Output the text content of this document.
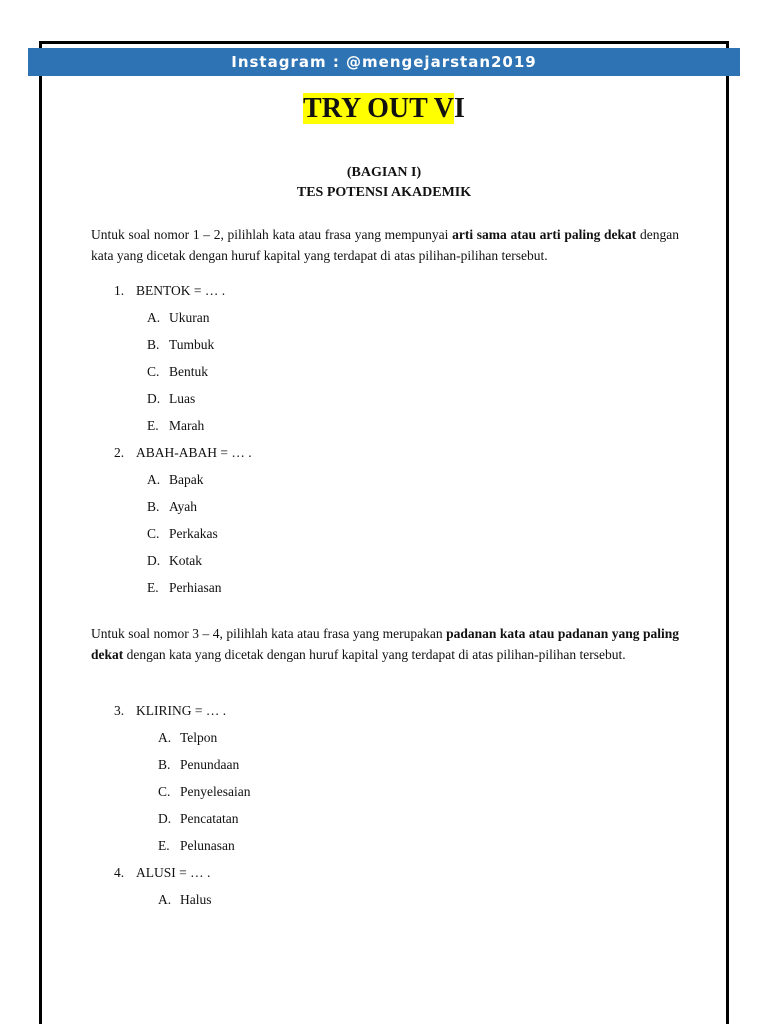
Instagram : @mengejarstan2019
TRY OUT VI
(BAGIAN I)
TES POTENSI AKADEMIK
Untuk soal nomor 1 – 2, pilihlah kata atau frasa yang mempunyai arti sama atau arti paling dekat dengan kata yang dicetak dengan huruf kapital yang terdapat di atas pilihan-pilihan tersebut.
1. BENTOK = … .
A. Ukuran
B. Tumbuk
C. Bentuk
D. Luas
E. Marah
2. ABAH-ABAH = … .
A. Bapak
B. Ayah
C. Perkakas
D. Kotak
E. Perhiasan
Untuk soal nomor 3 – 4, pilihlah kata atau frasa yang merupakan padanan kata atau padanan yang paling dekat dengan kata yang dicetak dengan huruf kapital yang terdapat di atas pilihan-pilihan tersebut.
3. KLIRING = … .
A. Telpon
B. Penundaan
C. Penyelesaian
D. Pencatatan
E. Pelunasan
4. ALUSI = … .
A. Halus
